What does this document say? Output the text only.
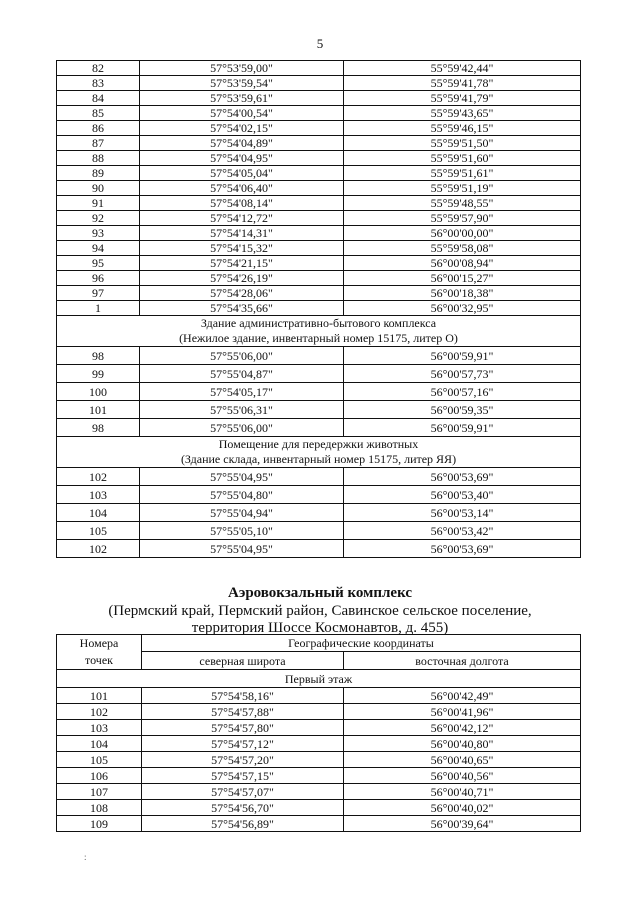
5
82	57°53'59,00"	55°59'42,44"
83	57°53'59,54"	55°59'41,78"
84	57°53'59,61"	55°59'41,79"
85	57°54'00,54"	55°59'43,65"
86	57°54'02,15"	55°59'46,15"
87	57°54'04,89"	55°59'51,50"
88	57°54'04,95"	55°59'51,60"
89	57°54'05,04"	55°59'51,61"
90	57°54'06,40"	55°59'51,19"
91	57°54'08,14"	55°59'48,55"
92	57°54'12,72"	55°59'57,90"
93	57°54'14,31"	56°00'00,00"
94	57°54'15,32"	55°59'58,08"
95	57°54'21,15"	56°00'08,94"
96	57°54'26,19"	56°00'15,27"
97	57°54'28,06"	56°00'18,38"
1	57°54'35,66"	56°00'32,95"
Здание административно-бытового комплекса
(Нежилое здание, инвентарный номер 15175, литер О)		
98	57°55'06,00"	56°00'59,91"
99	57°55'04,87"	56°00'57,73"
100	57°54'05,17"	56°00'57,16"
101	57°55'06,31"	56°00'59,35"
98	57°55'06,00"	56°00'59,91"
Помещение для передержки животных
(Здание склада, инвентарный номер 15175, литер ЯЯ)		
102	57°55'04,95"	56°00'53,69"
103	57°55'04,80"	56°00'53,40"
104	57°55'04,94"	56°00'53,14"
105	57°55'05,10"	56°00'53,42"
102	57°55'04,95"	56°00'53,69"
Аэровокзальный комплекс
(Пермский край, Пермский район, Савинское сельское поселение,
территория Шоссе Космонавтов, д. 455)
Номера
точек	Географические координаты	
	северная широта	восточная долгота
Первый этаж		
101	57°54'58,16"	56°00'42,49"
102	57°54'57,88"	56°00'41,96"
103	57°54'57,80"	56°00'42,12"
104	57°54'57,12"	56°00'40,80"
105	57°54'57,20"	56°00'40,65"
106	57°54'57,15"	56°00'40,56"
107	57°54'57,07"	56°00'40,71"
108	57°54'56,70"	56°00'40,02"
109	57°54'56,89"	56°00'39,64"
:
